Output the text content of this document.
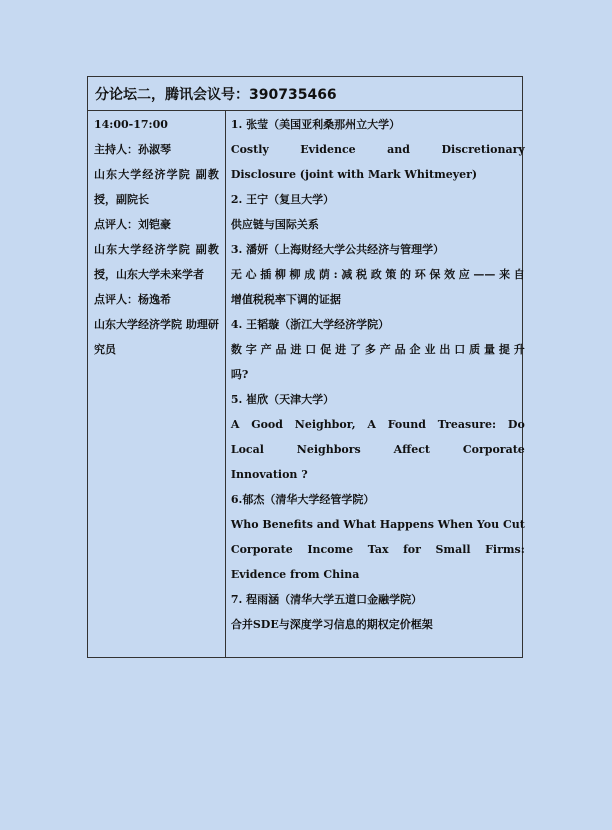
分论坛二，腾讯会议号：390735466
14:00-17:00
主持人：孙淑琴
山东大学经济学院 副教
授，副院长
点评人：刘铠豪
山东大学经济学院 副教
授，山东大学未来学者
点评人：杨逸希
山东大学经济学院 助理研
究员
1. 张莹（美国亚利桑那州立大学）
Costly Evidence and Discretionary
Disclosure (joint with Mark Whitmeyer)
2. 王宁（复旦大学）
供应链与国际关系
3. 潘妍（上海财经大学公共经济与管理学）
无心插柳柳成荫:减税政策的环保效应——来自
增值税税率下调的证据
4. 王韬璇（浙江大学经济学院）
数字产品进口促进了多产品企业出口质量提升
吗?
5. 崔欣（天津大学）
A Good Neighbor, A Found Treasure: Do
Local Neighbors Affect Corporate
Innovation ?
6.郁杰（清华大学经管学院）
Who Benefits and What Happens When You Cut
Corporate Income Tax for Small Firms:
Evidence from China
7. 程雨涵（清华大学五道口金融学院）
合并SDE与深度学习信息的期权定价框架
